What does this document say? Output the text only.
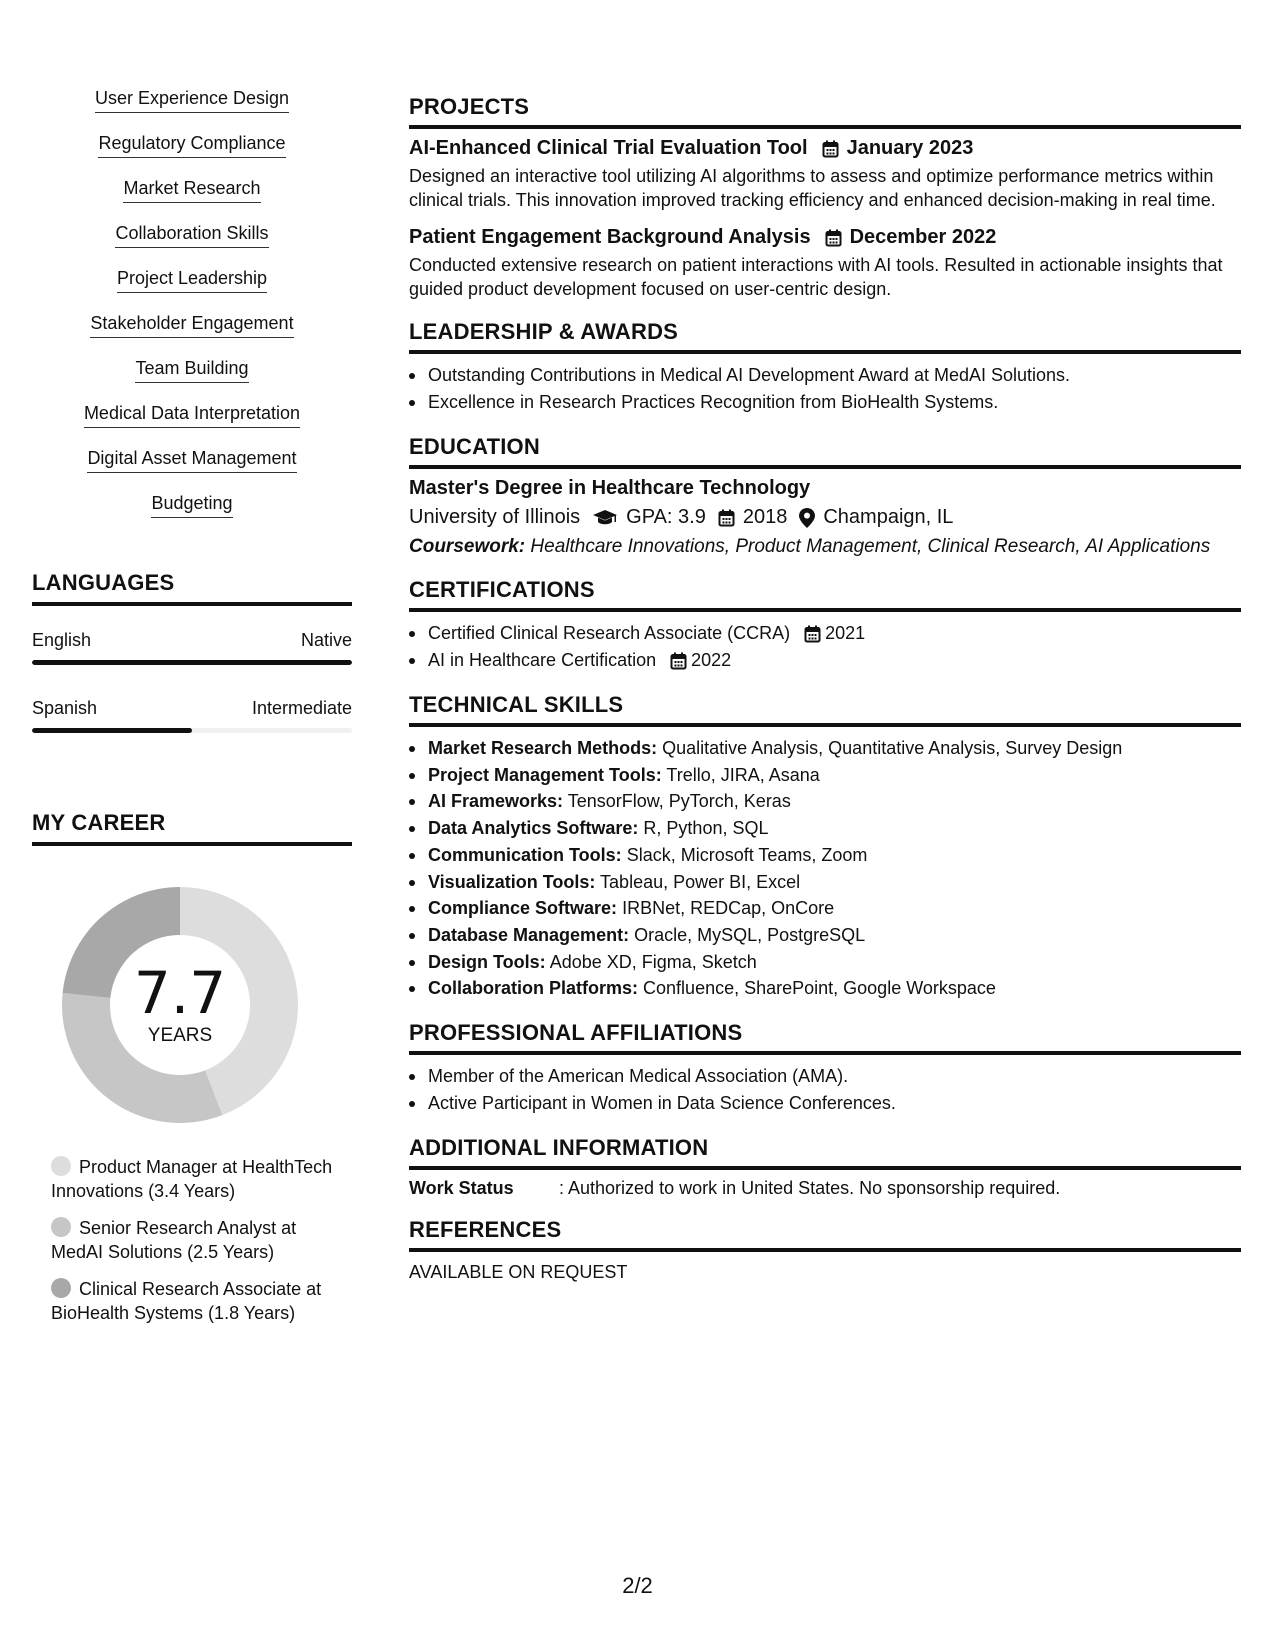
User Experience Design
Regulatory Compliance
Market Research
Collaboration Skills
Project Leadership
Stakeholder Engagement
Team Building
Medical Data Interpretation
Digital Asset Management
Budgeting
LANGUAGES
English	Native
Spanish	Intermediate
MY CAREER
7.7
YEARS
Product Manager at HealthTech Innovations (3.4 Years)
Senior Research Analyst at MedAI Solutions (2.5 Years)
Clinical Research Associate at BioHealth Systems (1.8 Years)
PROJECTS
AI-Enhanced Clinical Trial Evaluation Tool January 2023
Designed an interactive tool utilizing AI algorithms to assess and optimize performance metrics within clinical trials. This innovation improved tracking efficiency and enhanced decision-making in real time.
Patient Engagement Background Analysis December 2022
Conducted extensive research on patient interactions with AI tools. Resulted in actionable insights that guided product development focused on user-centric design.
LEADERSHIP & AWARDS
Outstanding Contributions in Medical AI Development Award at MedAI Solutions.
Excellence in Research Practices Recognition from BioHealth Systems.
EDUCATION
Master's Degree in Healthcare Technology
University of Illinois GPA: 3.9 2018 Champaign, IL
Coursework: Healthcare Innovations, Product Management, Clinical Research, AI Applications
CERTIFICATIONS
Certified Clinical Research Associate (CCRA) 2021
AI in Healthcare Certification 2022
TECHNICAL SKILLS
Market Research Methods: Qualitative Analysis, Quantitative Analysis, Survey Design
Project Management Tools: Trello, JIRA, Asana
AI Frameworks: TensorFlow, PyTorch, Keras
Data Analytics Software: R, Python, SQL
Communication Tools: Slack, Microsoft Teams, Zoom
Visualization Tools: Tableau, Power BI, Excel
Compliance Software: IRBNet, REDCap, OnCore
Database Management: Oracle, MySQL, PostgreSQL
Design Tools: Adobe XD, Figma, Sketch
Collaboration Platforms: Confluence, SharePoint, Google Workspace
PROFESSIONAL AFFILIATIONS
Member of the American Medical Association (AMA).
Active Participant in Women in Data Science Conferences.
ADDITIONAL INFORMATION
Work Status	: Authorized to work in United States. No sponsorship required.
REFERENCES
AVAILABLE ON REQUEST
2/2
